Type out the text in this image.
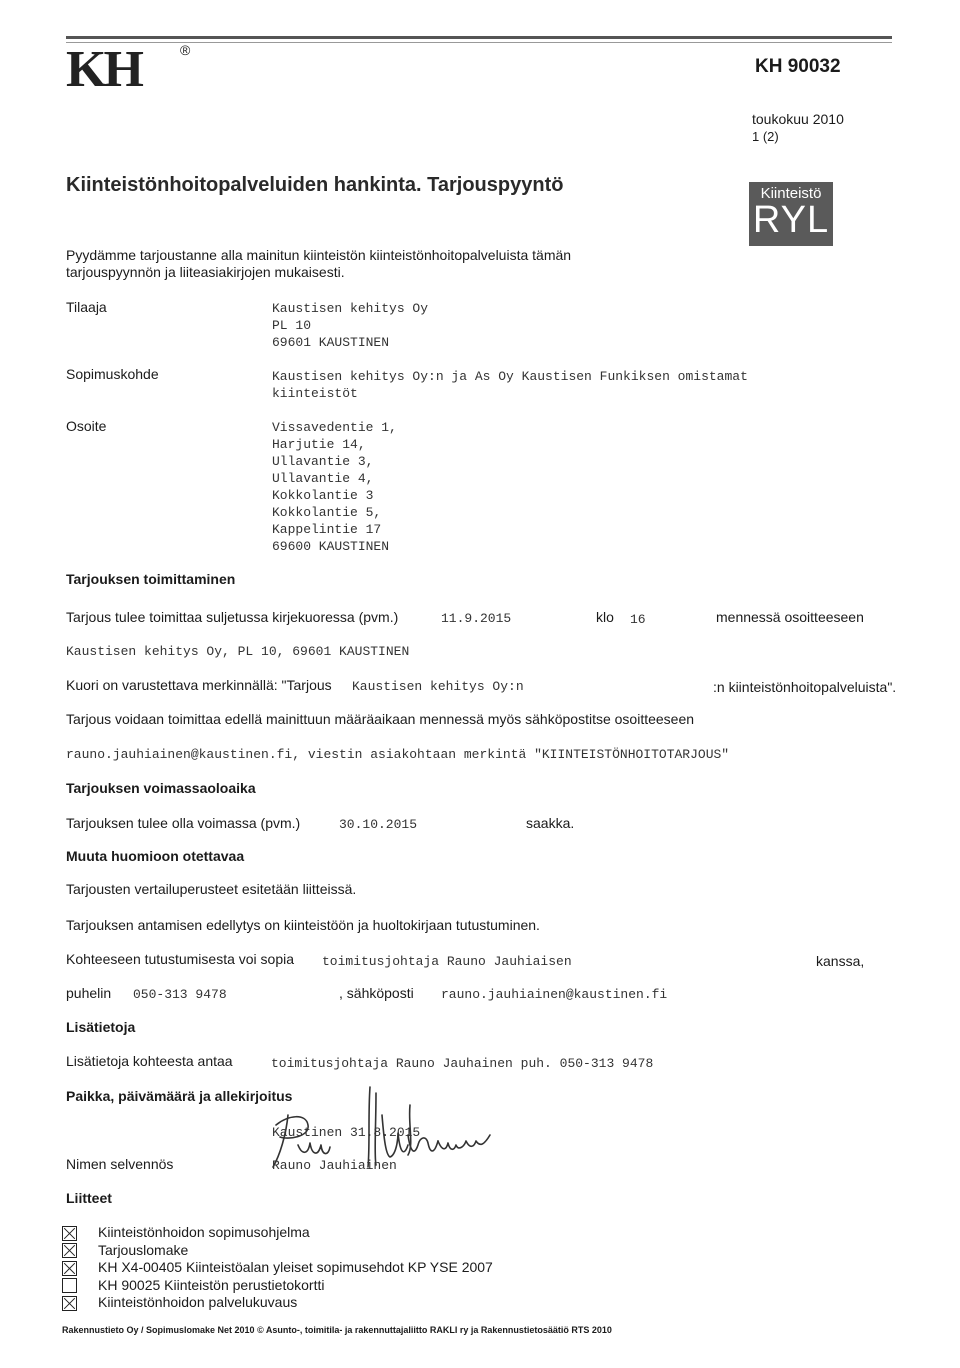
KH	®
KH 90032
toukokuu 2010
1 (2)
Kiinteistönhoitopalveluiden hankinta. Tarjouspyyntö	Kiinteistö
RYL
Pyydämme tarjoustanne alla mainitun kiinteistön kiinteistönhoitopalveluista tämän
tarjouspyynnön ja liiteasiakirjojen mukaisesti.
Tilaaja	Kaustisen kehitys Oy
PL 10
69601 KAUSTINEN
Sopimuskohde	Kaustisen kehitys Oy:n ja As Oy Kaustisen Funkiksen omistamat
kiinteistöt
Osoite	Vissavedentie 1,
Harjutie 14,
Ullavantie 3,
Ullavantie 4,
Kokkolantie 3
Kokkolantie 5,
Kappelintie 17
69600 KAUSTINEN
Tarjouksen toimittaminen
Tarjous tulee toimittaa suljetussa kirjekuoressa (pvm.)	11.9.2015	klo 16	mennessä osoitteeseen
Kaustisen kehitys Oy, PL 10, 69601 KAUSTINEN
Kuori on varustettava merkinnällä: "Tarjous Kaustisen kehitys Oy:n	:n kiinteistönhoitopalveluista".
Tarjous voidaan toimittaa edellä mainittuun määräaikaan mennessä myös sähköpostitse osoitteeseen
rauno.jauhiainen@kaustinen.fi, viestin asiakohtaan merkintä "KIINTEISTÖNHOITOTARJOUS"
Tarjouksen voimassaoloaika
Tarjouksen tulee olla voimassa (pvm.)	30.10.2015	saakka.
Muuta huomioon otettavaa
Tarjousten vertailuperusteet esitetään liitteissä.
Tarjouksen antamisen edellytys on kiinteistöön ja huoltokirjaan tutustuminen.
Kohteeseen tutustumisesta voi sopia toimitusjohtaja Rauno Jauhiaisen	kanssa,
puhelin 050-313 9478	, sähköposti rauno.jauhiainen@kaustinen.fi
Lisätietoja
Lisätietoja kohteesta antaa	toimitusjohtaja Rauno Jauhainen puh. 050-313 9478
Paikka, päivämäärä ja allekirjoitus
Kaustinen 31.8.2015
Nimen selvennös	Rauno Jauhiainen
Liitteet
Kiinteistönhoidon sopimusohjelma
Tarjouslomake
KH X4-00405 Kiinteistöalan yleiset sopimusehdot KP YSE 2007
KH 90025 Kiinteistön perustietokortti
Kiinteistönhoidon palvelukuvaus
Rakennustieto Oy / Sopimuslomake Net 2010 © Asunto-, toimitila- ja rakennuttajaliitto RAKLI ry ja Rakennustietosäätiö RTS 2010
